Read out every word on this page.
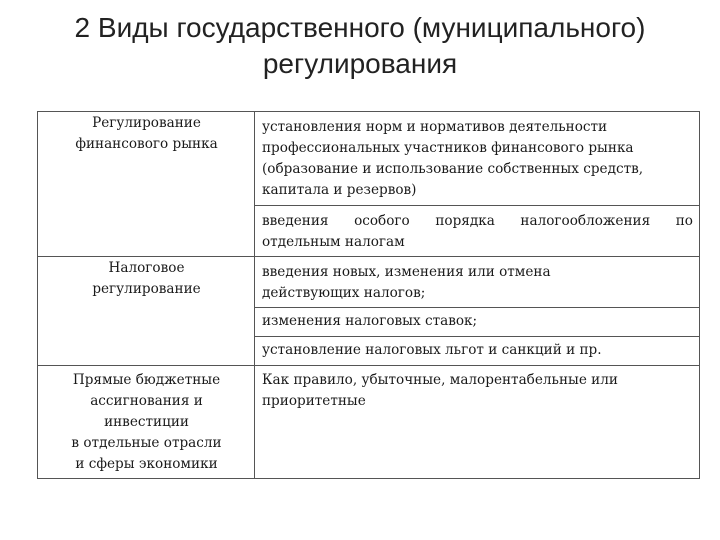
2 Виды государственного (муниципального)
регулирования
Регулирование
финансового рынка	установления норм и нормативов деятельности
профессиональных участников финансового рынка
(образование и использование собственных средств,
капитала и резервов)

	введения особого порядка налогообложения по
отдельным налогам

Налоговое
регулирование	введения новых, изменения или отмена
действующих налогов;

	изменения налоговых ставок;

	установление налоговых льгот и санкций и пр.

Прямые бюджетные
ассигнования и
инвестиции
в отдельные отрасли
и сферы экономики	Как правило, убыточные, малорентабельные или
приоритетные
